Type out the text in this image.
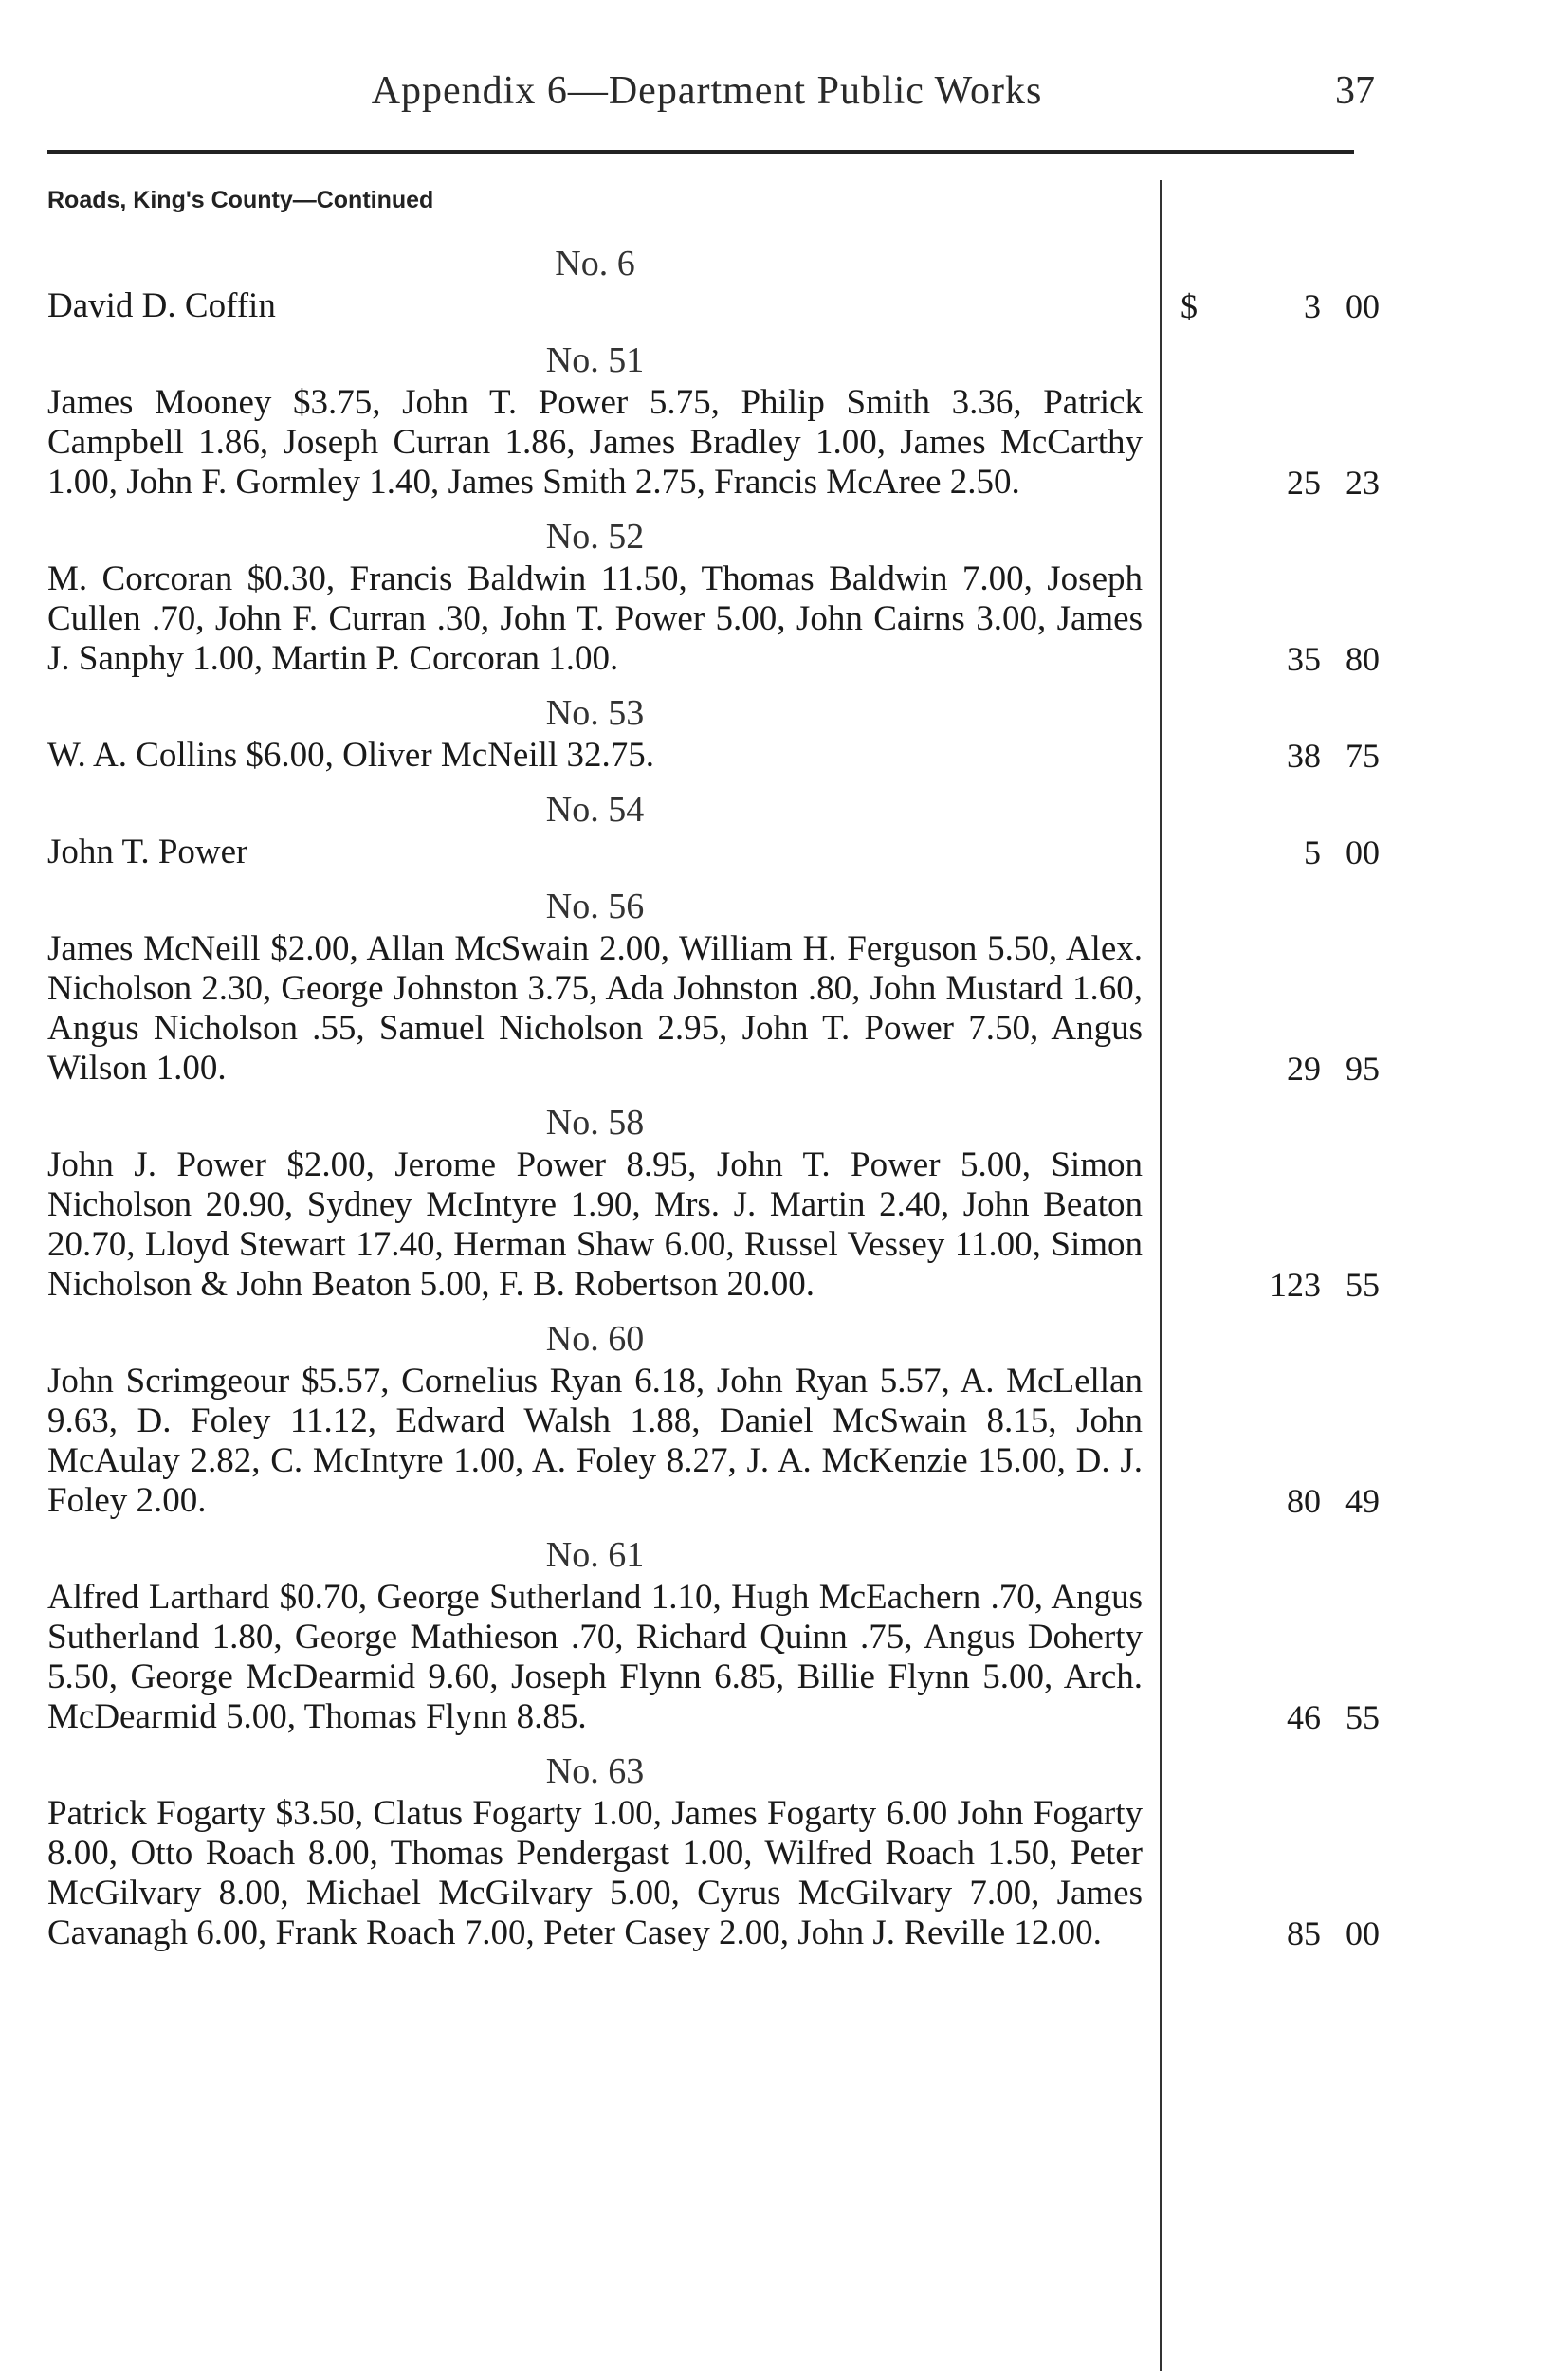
Appendix 6—Department Public Works	37
Roads, King's County—Continued
No. 6
David D. Coffin	$	3 00
No. 51
James Mooney $3.75, John T. Power 5.75, Philip Smith 3.36, Patrick Campbell 1.86, Joseph Curran 1.86, James Bradley 1.00, James McCarthy 1.00, John F. Gormley 1.40, James Smith 2.75, Francis McAree 2.50.	25 23
No. 52
M. Corcoran $0.30, Francis Baldwin 11.50, Thomas Baldwin 7.00, Joseph Cullen .70, John F. Curran .30, John T. Power 5.00, John Cairns 3.00, James J. Sanphy 1.00, Martin P. Corcoran 1.00.	35 80
No. 53
W. A. Collins $6.00, Oliver McNeill 32.75.	38 75
No. 54
John T. Power	5 00
No. 56
James McNeill $2.00, Allan McSwain 2.00, William H. Ferguson 5.50, Alex. Nicholson 2.30, George Johnston 3.75, Ada Johnston .80, John Mustard 1.60, Angus Nicholson .55, Samuel Nicholson 2.95, John T. Power 7.50, Angus Wilson 1.00.	29 95
No. 58
John J. Power $2.00, Jerome Power 8.95, John T. Power 5.00, Simon Nicholson 20.90, Sydney McIntyre 1.90, Mrs. J. Martin 2.40, John Beaton 20.70, Lloyd Stewart 17.40, Herman Shaw 6.00, Russel Vessey 11.00, Simon Nicholson & John Beaton 5.00, F. B. Robertson 20.00.	123 55
No. 60
John Scrimgeour $5.57, Cornelius Ryan 6.18, John Ryan 5.57, A. McLellan 9.63, D. Foley 11.12, Edward Walsh 1.88, Daniel McSwain 8.15, John McAulay 2.82, C. McIntyre 1.00, A. Foley 8.27, J. A. McKenzie 15.00, D. J. Foley 2.00.	80 49
No. 61
Alfred Larthard $0.70, George Sutherland 1.10, Hugh McEachern .70, Angus Sutherland 1.80, George Mathieson .70, Richard Quinn .75, Angus Doherty 5.50, George McDearmid 9.60, Joseph Flynn 6.85, Billie Flynn 5.00, Arch. McDearmid 5.00, Thomas Flynn 8.85.	46 55
No. 63
Patrick Fogarty $3.50, Clatus Fogarty 1.00, James Fogarty 6.00 John Fogarty 8.00, Otto Roach 8.00, Thomas Pendergast 1.00, Wilfred Roach 1.50, Peter McGilvary 8.00, Michael McGilvary 5.00, Cyrus McGilvary 7.00, James Cavanagh 6.00, Frank Roach 7.00, Peter Casey 2.00, John J. Reville 12.00.	85 00
